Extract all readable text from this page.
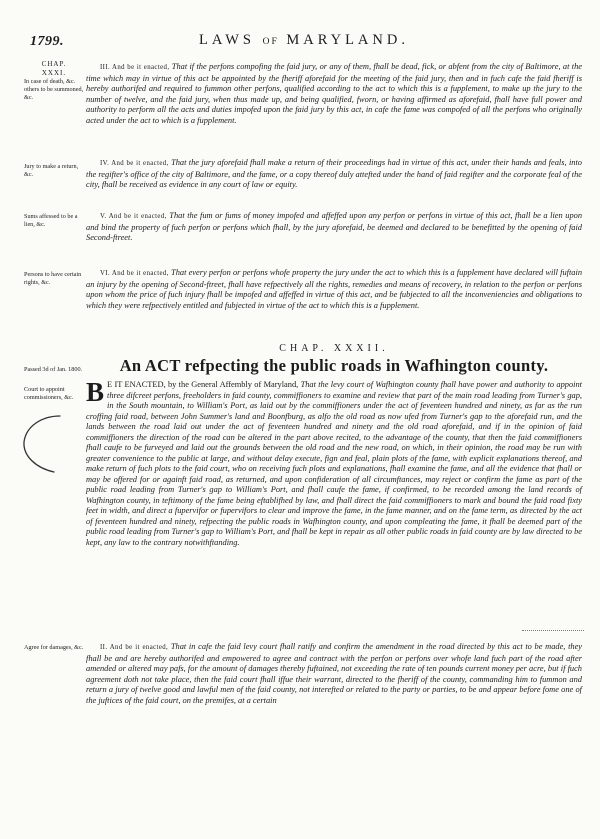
1799.	LAWS OF MARYLAND.
CHAP.
XXXI.
In case of death, &c. others to be summoned, &c.
Jury to make a return, &c.
Sums affessed to be a lien, &c.
Persons to have certain rights, &c.
Passed 3d of Jan. 1800.
Court to appoint commissioners, &c.
Agree for damages, &c.

III. And be it enacted, That if the perfons compofing the faid jury, or any of them, fhall be dead, fick, or abfent from the city of Baltimore, at the time which may in virtue of this act be appointed by the fheriff aforefaid for the meeting of the faid jury, then and in fuch cafe the faid fheriff is hereby authorifed and required to fummon other perfons, qualified according to the act to which this is a fupplement, to make up the jury to the number of twelve, and the faid jury, when thus made up, and being qualified, fworn, or having affirmed as aforefaid, fhall have full power and authority to perform all the acts and duties impofed upon the faid jury by this act, in cafe the fame was compofed of all the perfons who originally acted under the act to which is a fupplement.

IV. And be it enacted, That the jury aforefaid fhall make a return of their proceedings had in virtue of this act, under their hands and feals, into the regifter's office of the city of Baltimore, and the fame, or a copy thereof duly attefted under the hand of faid regifter and the corporate feal of the city, fhall be received as evidence in any court of law or equity.

V. And be it enacted, That the fum or fums of money impofed and affeffed upon any perfon or perfons in virtue of this act, fhall be a lien upon and bind the property of fuch perfon or perfons which fhall, by the jury aforefaid, be deemed and declared to be benefitted by the opening of faid Second-ftreet.

VI. And be it enacted, That every perfon or perfons whofe property the jury under the act to which this is a fupplement have declared will fuftain an injury by the opening of Second-ftreet, fhall have refpectively all the rights, remedies and means of recovery, in relation to the perfon or perfons upon whom the price of fuch injury fhall be impofed and affeffed in virtue of this act, and be fubjected to all the inconveniencies and obligations to which they were refpectively entitled and fubjected in virtue of the act to which this is a fupplement.

CHAP. XXXII.
An ACT refpecting the public roads in Wafhington county.
B E IT ENACTED, by the General Affembly of Maryland, That the levy court of Wafhington county fhall have power and authority to appoint three difcreet perfons, freeholders in faid county, commiffioners to examine and review that part of the main road leading from Turner's gap, in the South mountain, to William's Port, as laid out by the commiffioners under the act of feventeen hundred and ninety, as far as the run croffing faid road, between John Summer's land and Boonfburg, as alfo the old road as now ufed from Turner's gap to the aforefaid run, and the lands between the road laid out under the act of feventeen hundred and ninety and the old road aforefaid, and if in the opinion of faid commiffioners the direction of the road can be altered in the part above recited, to the advantage of the county, that then the faid commiffioners fhall caufe to be furveyed and laid out the grounds between the old road and the new road, on which, in their opinion, the road may be run with greater convenience to the public at large, and without delay execute, fign and feal, plain plots of the fame, with explicit explanations thereof, and make return of fuch plots to the faid court, who on receiving fuch plots and explanations, fhall examine the fame, and all the evidence that fhall or may be offered for or againft faid road, as returned, and upon confideration of all circumftances, may reject or confirm the fame as part of the public road leading from Turner's gap to William's Port, and fhall caufe the fame, if confirmed, to be recorded among the land records of Wafhington county, in teftimony of the fame being eftablifhed by law, and fhall direct the faid commiffioners to mark and bound the faid road fixty feet in width, and direct a fupervifor or fupervifors to clear and improve the fame, in the fame manner, and on the fame term, as directed by the act of feventeen hundred and ninety, refpecting the public roads in Wafhington county, and upon compleating the fame, it fhall be deemed part of the public road leading from Turner's gap to William's Port, and fhall be kept in repair as all other public roads in faid county are by law directed to be kept, any law to the contrary notwithftanding.

II. And be it enacted, That in cafe the faid levy court fhall ratify and confirm the amendment in the road directed by this act to be made, they fhall be and are hereby authorifed and empowered to agree and contract with the perfon or perfons over whofe land fuch part of the road after amended or altered may pafs, for the amount of damages thereby fuftained, not exceeding the rate of ten pounds current money per acre, but if fuch agreement doth not take place, then the faid court fhall iffue their warrant, directed to the fheriff of the county, commanding him to fummon and return a jury of twelve good and lawful men of the faid county, not interefted or related to the party or parties, to be and appear before fome one of the juftices of the faid court, on the premifes, at a certain
